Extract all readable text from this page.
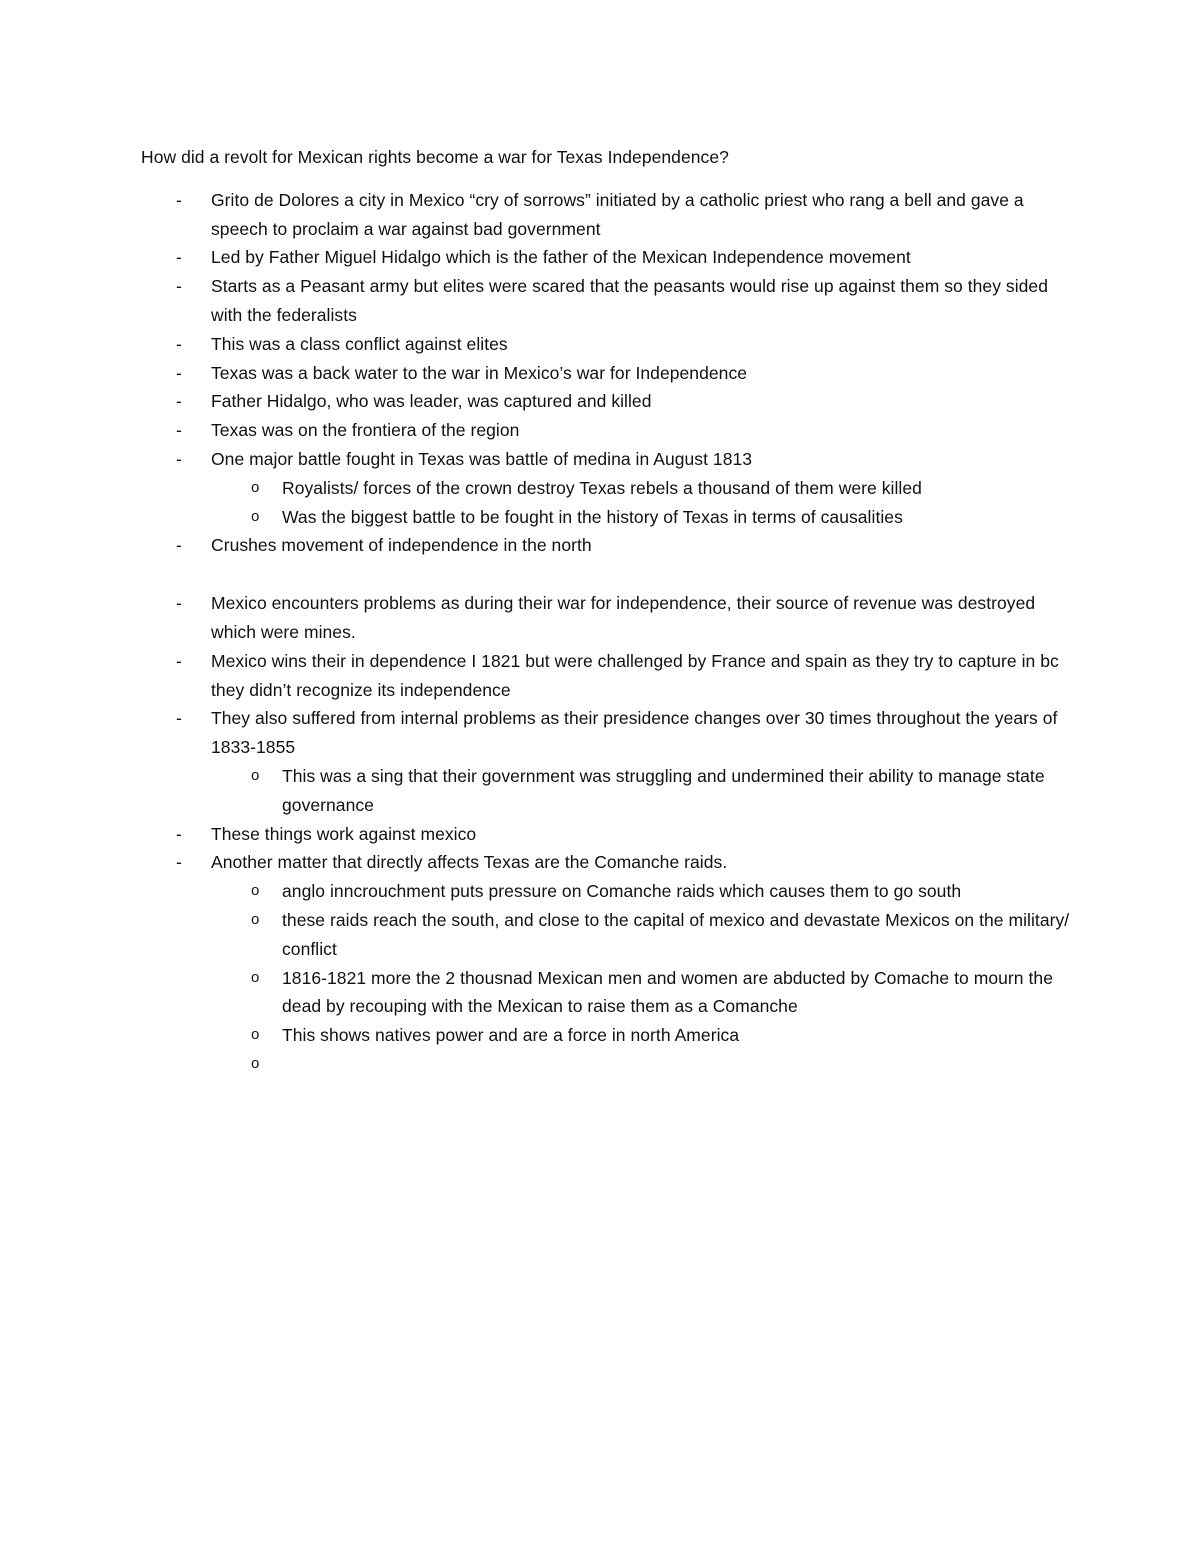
How did a revolt for Mexican rights become a war for Texas Independence?

- Grito de Dolores a city in Mexico “cry of sorrows” initiated by a catholic priest who rang a bell and gave a speech to proclaim a war against bad government
- Led by Father Miguel Hidalgo which is the father of the Mexican Independence movement
- Starts as a Peasant army but elites were scared that the peasants would rise up against them so they sided with the federalists
- This was a class conflict against elites
- Texas was a back water to the war in Mexico’s war for Independence
- Father Hidalgo, who was leader, was captured and killed
- Texas was on the frontiera of the region
- One major battle fought in Texas was battle of medina in August 1813
o Royalists/ forces of the crown destroy Texas rebels a thousand of them were killed
o Was the biggest battle to be fought in the history of Texas in terms of causalities
- Crushes movement of independence in the north
- Mexico encounters problems as during their war for independence, their source of revenue was destroyed which were mines.
- Mexico wins their in dependence I 1821 but were challenged by France and spain as they try to capture in bc they didn’t recognize its independence
- They also suffered from internal problems as their presidence changes over 30 times throughout the years of 1833-1855
o This was a sing that their government was struggling and undermined their ability to manage state governance
- These things work against mexico
- Another matter that directly affects Texas are the Comanche raids.
o anglo inncrouchment puts pressure on Comanche raids which causes them to go south
o these raids reach the south, and close to the capital of mexico and devastate Mexicos on the military/ conflict
o 1816-1821 more the 2 thousnad Mexican men and women are abducted by Comache to mourn the dead by recouping with the Mexican to raise them as a Comanche
o This shows natives power and are a force in north America
o
